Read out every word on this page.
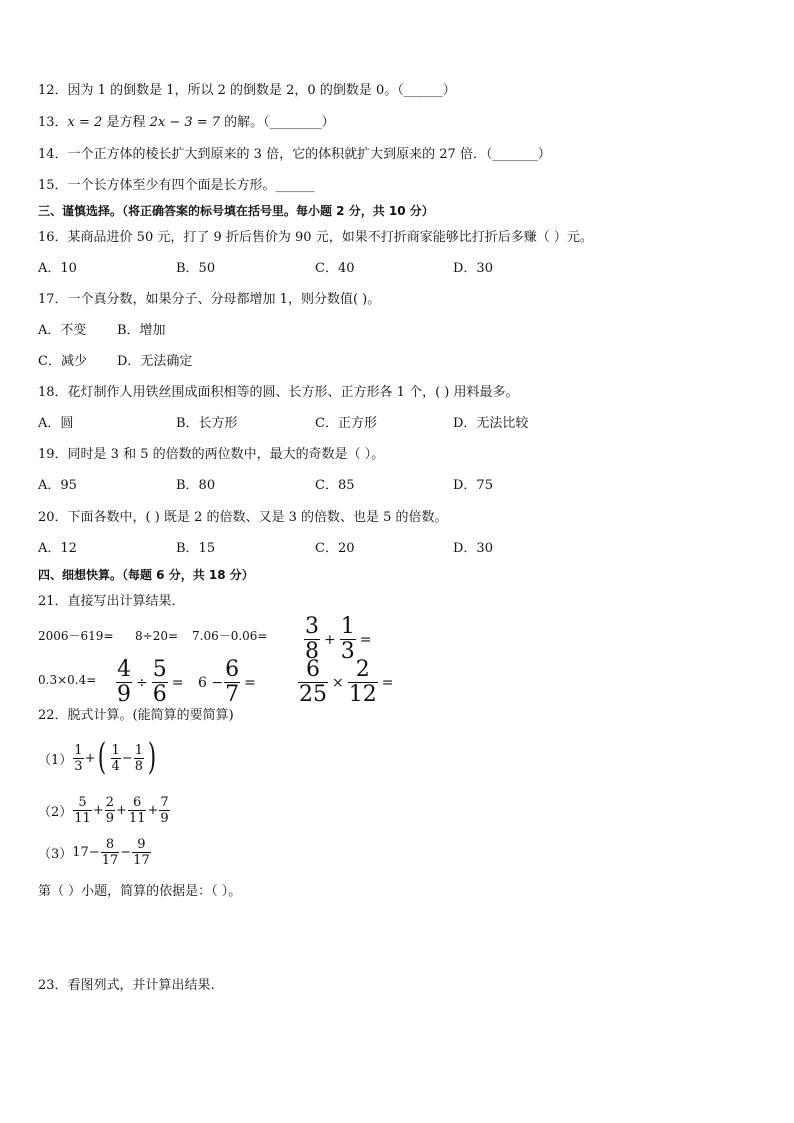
12．因为 1 的倒数是 1，所以 2 的倒数是 2，0 的倒数是 0。（______）
13．x = 2 是方程 2x − 3 = 7 的解。（________）
14．一个正方体的棱长扩大到原来的 3 倍，它的体积就扩大到原来的 27 倍．（_______）
15．一个长方体至少有四个面是长方形。______
三、谨慎选择。（将正确答案的标号填在括号里。每小题 2 分，共 10 分）
16．某商品进价 50 元，打了 9 折后售价为 90 元，如果不打折商家能够比打折后多赚（ ）元。
A．10	B．50	C．40	D．30
17．一个真分数，如果分子、分母都增加 1，则分数值( )。
A．不变 B．增加
C．减少 D．无法确定
18．花灯制作人用铁丝围成面积相等的圆、长方形、正方形各 1 个，( ) 用料最多。
A．圆	B．长方形	C．正方形	D．无法比较
19．同时是 3 和 5 的倍数的两位数中，最大的奇数是（ ）。
A．95	B．80	C．85	D．75
20．下面各数中，( ) 既是 2 的倍数、又是 3 的倍数、也是 5 的倍数。
A．12	B．15	C．20	D．30
四、细想快算。（每题 6 分，共 18 分）
21．直接写出计算结果．
$2006-619= 8\div 20= 7.06-0.06= \frac{3}{8} + \frac{1}{3}$ =
$0.3\times 0.4= \frac{4}{9} \div \frac{5}{6} = 6 - \frac{6}{7} = \frac{6}{25} \times \frac{2}{12}$ =
22．脱式计算。(能简算的要简算)
$(1) \frac{1}{3}$ + ( $\frac{1}{4} - \frac{1}{8}$ )
$(2) \frac{5}{11} + \frac{2}{9} + \frac{6}{11} + \frac{7}{9}$
（3） $17- \frac{8}{17} - \frac{9}{17}$
第（ ）小题，简算的依据是：（ ）。
23．看图列式，并计算出结果.
